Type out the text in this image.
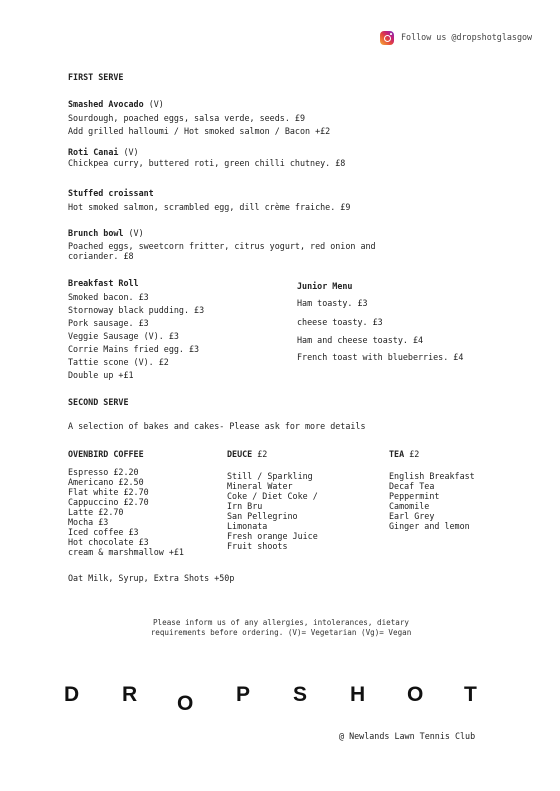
Follow us @dropshotglasgow
FIRST SERVE
Smashed Avocado (V)
Sourdough, poached eggs, salsa verde, seeds. £9
Add grilled halloumi / Hot smoked salmon / Bacon +£2
Roti Canai (V)
Chickpea curry, buttered roti, green chilli chutney. £8
Stuffed croissant
Hot smoked salmon, scrambled egg, dill crème fraiche. £9
Brunch bowl (V)
Poached eggs, sweetcorn fritter, citrus yogurt, red onion and
coriander. £8
Breakfast Roll
Smoked bacon. £3
Stornoway black pudding. £3
Pork sausage. £3
Veggie Sausage (V). £3
Corrie Mains fried egg. £3
Tattie scone (V). £2
Double up +£1
Junior Menu
Ham toasty. £3
cheese toasty. £3
Ham and cheese toasty. £4
French toast with blueberries. £4
SECOND SERVE
A selection of bakes and cakes- Please ask for more details
OVENBIRD COFFEE
Espresso £2.20
Americano £2.50
Flat white £2.70
Cappuccino £2.70
Latte £2.70
Mocha £3
Iced coffee £3
Hot chocolate £3
cream & marshmallow +£1
DEUCE £2
Still / Sparkling
Mineral Water
Coke / Diet Coke /
Irn Bru
San Pellegrino
Limonata
Fresh orange Juice
Fruit shoots
TEA £2
English Breakfast
Decaf Tea
Peppermint
Camomile
Earl Grey
Ginger and lemon
Oat Milk, Syrup, Extra Shots +50p
Please inform us of any allergies, intolerances, dietary requirements before ordering. (V)= Vegetarian (Vg)= Vegan
D R O P S H O T
@ Newlands Lawn Tennis Club
